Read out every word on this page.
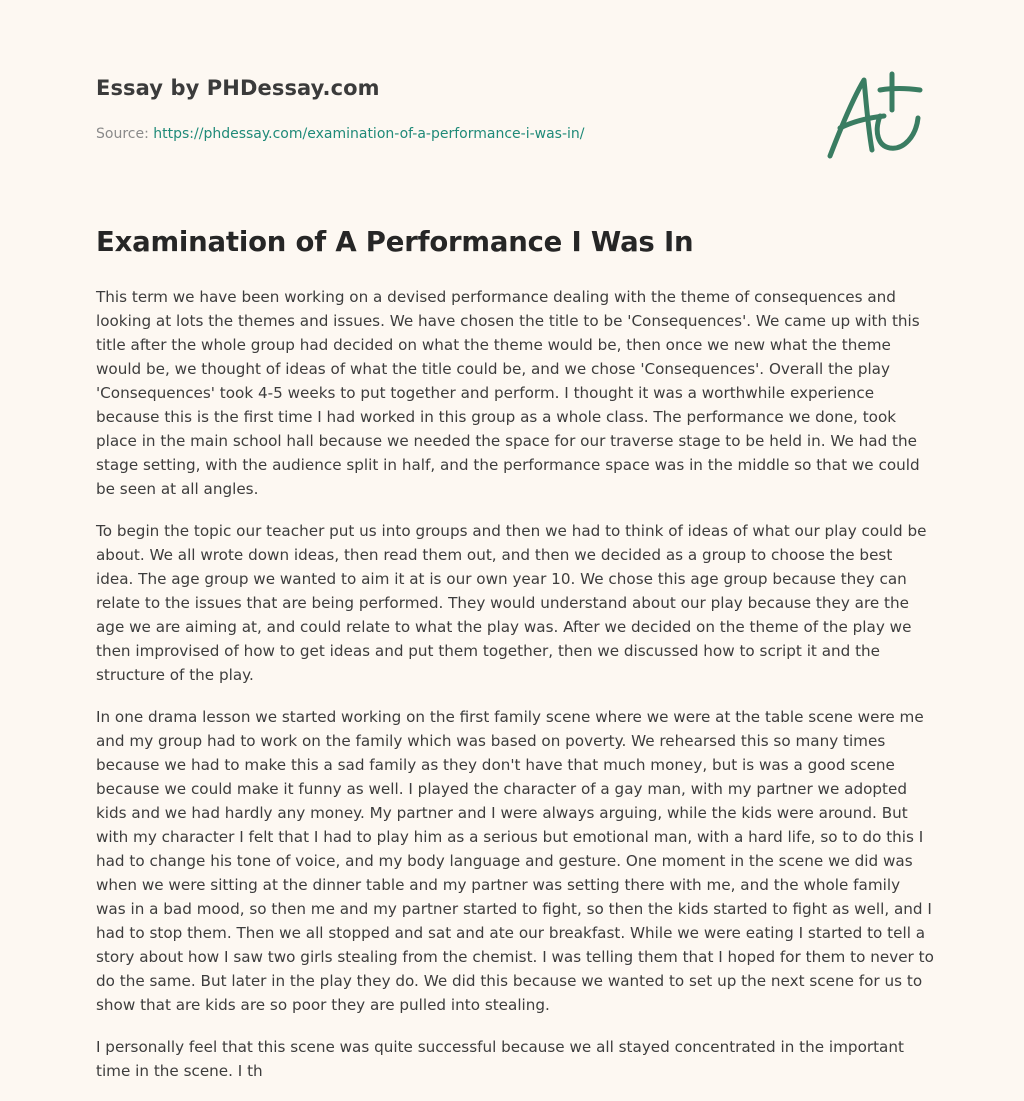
Essay by PHDessay.com
Source: https://phdessay.com/examination-of-a-performance-i-was-in/
Examination of A Performance I Was In

This term we have been working on a devised performance dealing with the theme of consequences and looking at lots the themes and issues. We have chosen the title to be 'Consequences'. We came up with this title after the whole group had decided on what the theme would be, then once we new what the theme would be, we thought of ideas of what the title could be, and we chose 'Consequences'. Overall the play 'Consequences' took 4-5 weeks to put together and perform. I thought it was a worthwhile experience because this is the first time I had worked in this group as a whole class. The performance we done, took place in the main school hall because we needed the space for our traverse stage to be held in. We had the stage setting, with the audience split in half, and the performance space was in the middle so that we could be seen at all angles.

To begin the topic our teacher put us into groups and then we had to think of ideas of what our play could be about. We all wrote down ideas, then read them out, and then we decided as a group to choose the best idea. The age group we wanted to aim it at is our own year 10. We chose this age group because they can relate to the issues that are being performed. They would understand about our play because they are the age we are aiming at, and could relate to what the play was. After we decided on the theme of the play we then improvised of how to get ideas and put them together, then we discussed how to script it and the structure of the play.

In one drama lesson we started working on the first family scene where we were at the table scene were me and my group had to work on the family which was based on poverty. We rehearsed this so many times because we had to make this a sad family as they don't have that much money, but is was a good scene because we could make it funny as well. I played the character of a gay man, with my partner we adopted kids and we had hardly any money. My partner and I were always arguing, while the kids were around. But with my character I felt that I had to play him as a serious but emotional man, with a hard life, so to do this I had to change his tone of voice, and my body language and gesture. One moment in the scene we did was when we were sitting at the dinner table and my partner was setting there with me, and the whole family was in a bad mood, so then me and my partner started to fight, so then the kids started to fight as well, and I had to stop them. Then we all stopped and sat and ate our breakfast. While we were eating I started to tell a story about how I saw two girls stealing from the chemist. I was telling them that I hoped for them to never to do the same. But later in the play they do. We did this because we wanted to set up the next scene for us to show that are kids are so poor they are pulled into stealing.

I personally feel that this scene was quite successful because we all stayed concentrated in the important time in the scene. I th
